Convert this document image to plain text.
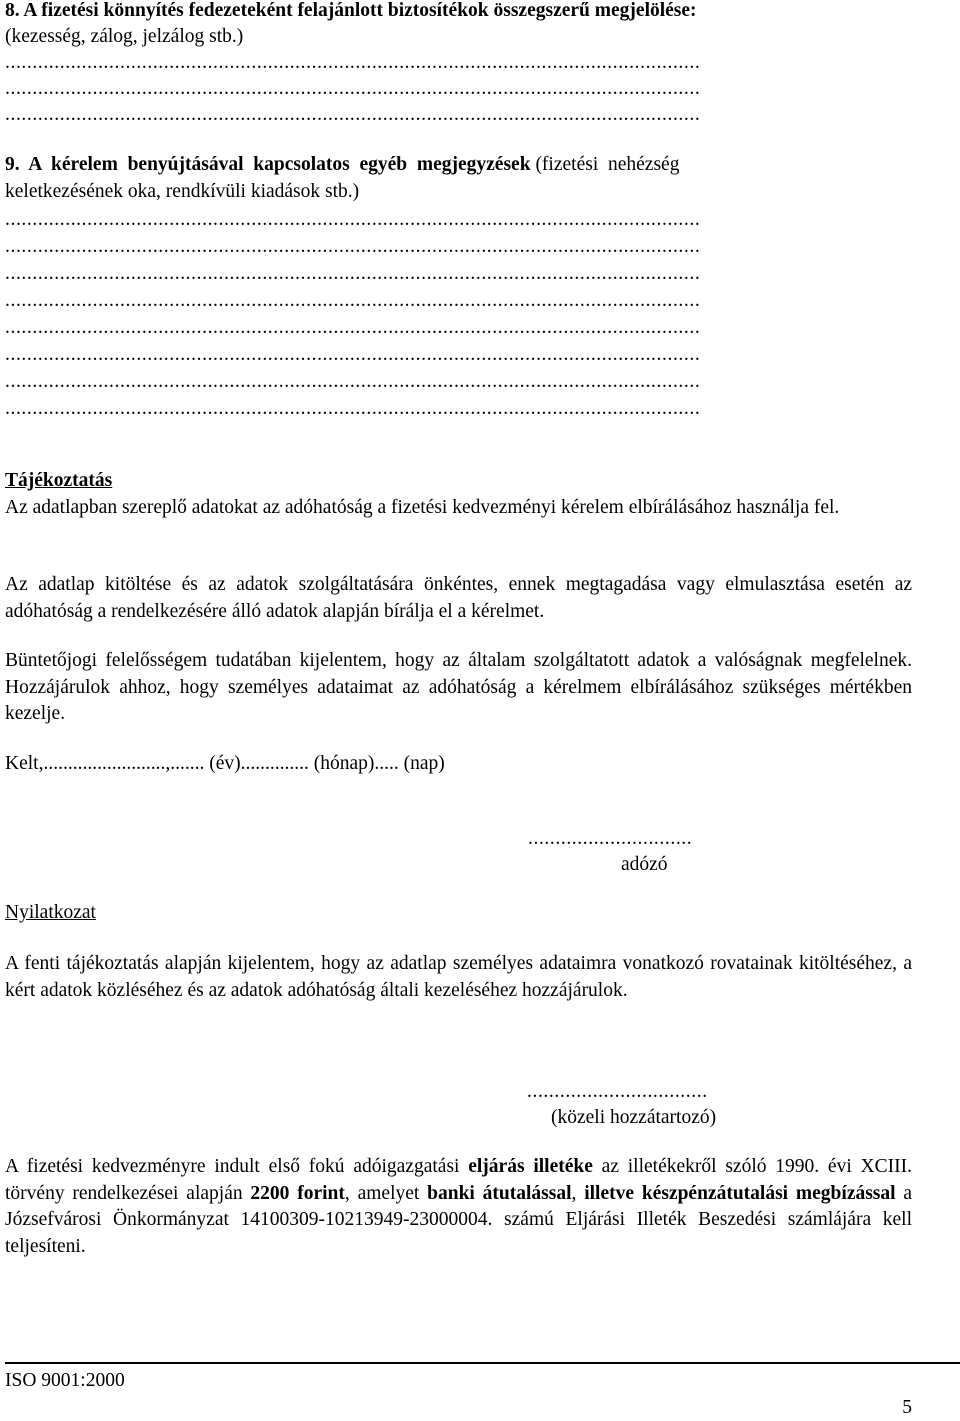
8. A fizetési könnyítés fedezeteként felajánlott biztosítékok összegszerű megjelölése:
(kezesség, zálog, jelzálog stb.)
...............................................................................................................................
...............................................................................................................................
...............................................................................................................................
9.  A  kérelem  benyújtásával  kapcsolatos  egyéb  megjegyzések (fizetési  nehézség
keletkezésének oka, rendkívüli kiadások stb.)
...............................................................................................................................
...............................................................................................................................
...............................................................................................................................
...............................................................................................................................
...............................................................................................................................
...............................................................................................................................
...............................................................................................................................
...............................................................................................................................
Tájékoztatás
Az adatlapban szereplő adatokat az adóhatóság a fizetési kedvezményi kérelem elbírálásához használja fel.
Az adatlap kitöltése és az adatok szolgáltatására önkéntes, ennek megtagadása vagy elmulasztása esetén az adóhatóság a rendelkezésére álló adatok alapján bírálja el a kérelmet.
Büntetőjogi felelősségem tudatában kijelentem, hogy az általam szolgáltatott adatok a valóságnak megfelelnek. Hozzájárulok ahhoz, hogy személyes adataimat az adóhatóság a kérelmem elbírálásához szükséges mértékben kezelje.
Kelt,.........................,....... (év).............. (hónap)..... (nap)
..............................
adózó
Nyilatkozat
A fenti tájékoztatás alapján kijelentem, hogy az adatlap személyes adataimra vonatkozó rovatainak kitöltéséhez, a kért adatok közléséhez és az adatok adóhatóság általi kezeléséhez hozzájárulok.
.................................
(közeli hozzátartozó)
A fizetési kedvezményre indult első fokú adóigazgatási eljárás illetéke az illetékekről szóló 1990. évi XCIII. törvény rendelkezései alapján 2200 forint, amelyet banki átutalással, illetve készpénzátutalási megbízással a Józsefvárosi Önkormányzat 14100309-10213949-23000004. számú Eljárási Illeték Beszedési számlájára kell teljesíteni.
ISO 9001:2000
5
